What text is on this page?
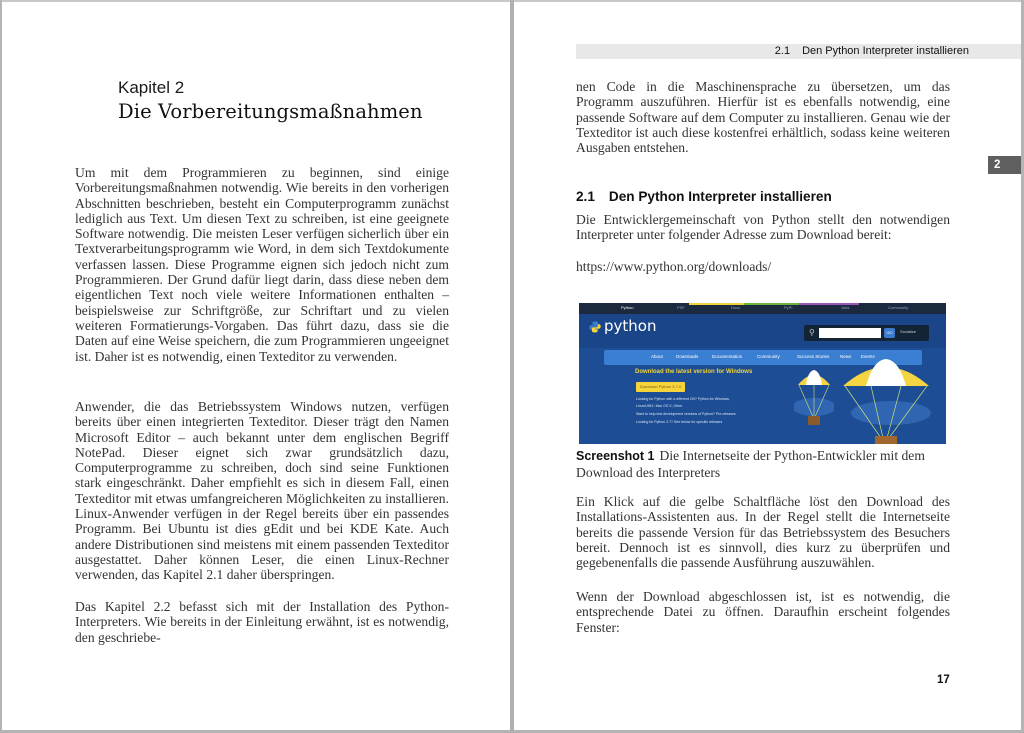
Kapitel 2
Die Vorbereitungsmaßnahmen

Um mit dem Programmieren zu beginnen, sind einige Vorbereitungsmaßnahmen notwendig. Wie bereits in den vorherigen Abschnitten beschrieben, besteht ein Computerprogramm zunächst lediglich aus Text. Um diesen Text zu schreiben, ist eine geeignete Software notwendig. Die meisten Leser verfügen sicherlich über ein Textverarbeitungsprogramm wie Word, in dem sich Textdokumente verfassen lassen. Diese Programme eignen sich jedoch nicht zum Programmieren. Der Grund dafür liegt darin, dass diese neben dem eigentlichen Text noch viele weitere Informationen enthalten – beispielsweise zur Schriftgröße, zur Schriftart und zu vielen weiteren Formatierungs-Vorgaben. Das führt dazu, dass sie die Daten auf eine Weise speichern, die zum Programmieren ungeeignet ist. Daher ist es notwendig, einen Texteditor zu verwenden.

Anwender, die das Betriebssystem Windows nutzen, verfügen bereits über einen integrierten Texteditor. Dieser trägt den Namen Microsoft Editor – auch bekannt unter dem englischen Begriff NotePad. Dieser eignet sich zwar grundsätzlich dazu, Computerprogramme zu schreiben, doch sind seine Funktionen stark eingeschränkt. Daher empfiehlt es sich in diesem Fall, einen Texteditor mit etwas umfangreicheren Möglichkeiten zu installieren. Linux-Anwender verfügen in der Regel bereits über ein passendes Programm. Bei Ubuntu ist dies gEdit und bei KDE Kate. Auch andere Distributionen sind meistens mit einem passenden Texteditor ausgestattet. Daher können Leser, die einen Linux-Rechner verwenden, das Kapitel 2.1 daher überspringen.

Das Kapitel 2.2 befasst sich mit der Installation des Python-Interpreters. Wie bereits in der Einleitung erwähnt, ist es notwendig, den geschriebe-

2.1 Den Python Interpreter installieren
2

nen Code in die Maschinensprache zu übersetzen, um das Programm auszuführen. Hierfür ist es ebenfalls notwendig, eine passende Software auf dem Computer zu installieren. Genau wie der Texteditor ist auch diese kostenfrei erhältlich, sodass keine weiteren Ausgaben entstehen.

2.1 Den Python Interpreter installieren

Die Entwicklergemeinschaft von Python stellt den notwendigen Interpreter unter folgender Adresse zum Download bereit:

https://www.python.org/downloads/
Python	PSF	Docs	PyPI	Jobs	Community
python	⚲	GO	Socialize
About	Downloads	Documentation	Community	Success Stories News Events
Download the latest version for Windows
Download Python 3.7.0
Looking for Python with a different OS? Python for Windows,
Linux/UNIX, Mac OS X, Other
Want to help test development versions of Python? Pre-releases
Looking for Python 2.7? See below for specific releases
Screenshot 1 Die Internetseite der Python-Entwickler mit dem Download des Interpreters

Ein Klick auf die gelbe Schaltfläche löst den Download des Installations-Assistenten aus. In der Regel stellt die Internetseite bereits die passende Version für das Betriebssystem des Besuchers bereit. Dennoch ist es sinnvoll, dies kurz zu überprüfen und gegebenenfalls die passende Ausführung auszuwählen.

Wenn der Download abgeschlossen ist, ist es notwendig, die entsprechende Datei zu öffnen. Daraufhin erscheint folgendes Fenster:

17
